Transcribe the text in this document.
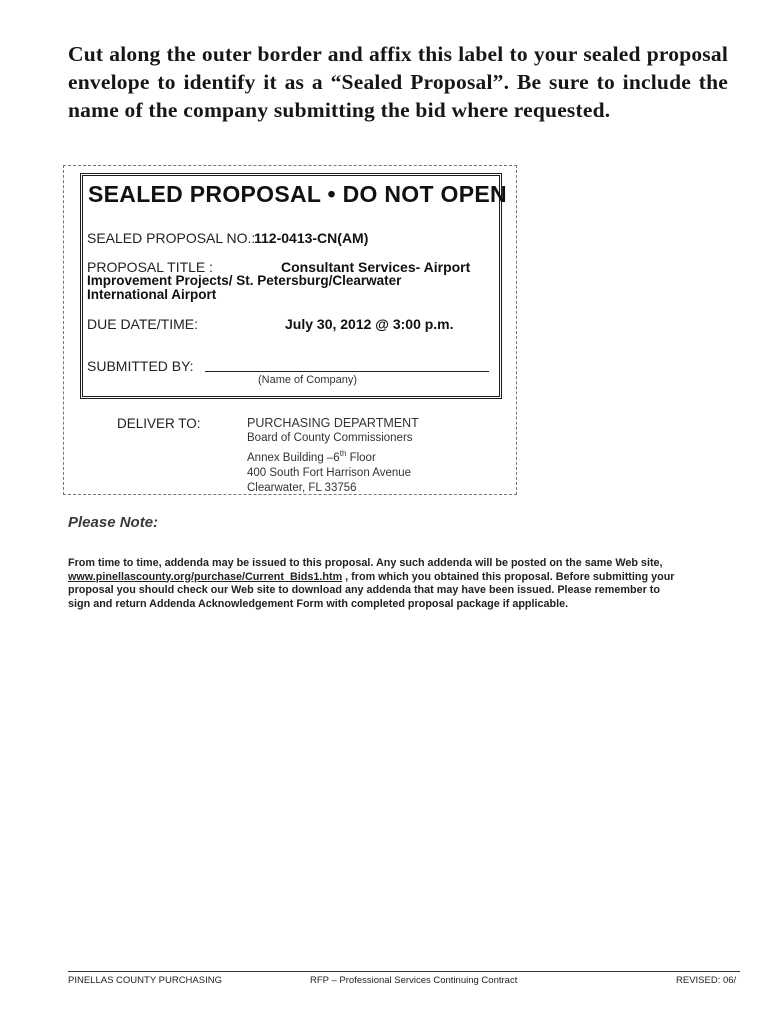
Cut along the outer border and affix this label to your sealed proposal envelope to identify it as a “Sealed Proposal”. Be sure to include the name of the company submitting the bid where requested.

SEALED PROPOSAL • DO NOT OPEN
SEALED PROPOSAL NO.:
112-0413-CN(AM)
PROPOSAL TITLE :	Consultant Services- Airport
Improvement Projects/ St. Petersburg/Clearwater
International Airport
DUE DATE/TIME:	July 30, 2012 @ 3:00 p.m.
SUBMITTED BY:
(Name of Company)
DELIVER TO:	PURCHASING DEPARTMENT
Board of County Commissioners
Annex Building –6th Floor
400 South Fort Harrison Avenue
Clearwater, FL 33756
Please Note:

From time to time, addenda may be issued to this proposal. Any such addenda will be posted on the same Web site, www.pinellascounty.org/purchase/Current_Bids1.htm , from which you obtained this proposal. Before submitting your proposal you should check our Web site to download any addenda that may have been issued. Please remember to sign and return Addenda Acknowledgement Form with completed proposal package if applicable.

PINELLAS COUNTY PURCHASING	RFP – Professional Services Continuing Contract	REVISED: 06/
